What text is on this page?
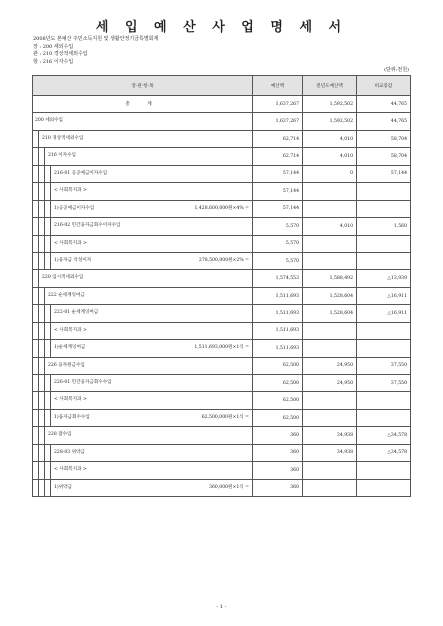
세 입 예 산 사 업 명 세 서
2008년도 본예산 주민소득지원 및 생활안정기금특별회계
장 : 200 세외수입
관 : 210 경상적세외수입
항 : 216 이자수입
(단위:천원)
장·관·항·목	예산액	전년도예산액	비교증감
총 계	1,637,267	1,592,502	44,765

200 세외수입	1,637,267	1,592,502	44,765

210 경상적세외수입	62,714	4,010	58,704

216 이자수입	62,714	4,010	58,704

216-01 공공예금이자수입	57,144	0	57,144

< 사회복지과 >	57,144		

1)공공예금이자수입 1,428,600,000원×4% =	57,144		

216-02 민간융자금회수이자수입	5,570	4,010	1,560

< 사회복지과 >	5,570		

1)융자금 악성이자 278,500,000원×2% =	5,570		

220 임시적세외수입	1,574,553	1,588,492	△13,939

222 순세계잉여금	1,511,693	1,528,604	△16,911

222-01 순세계잉여금	1,511,693	1,528,604	△16,911

< 사회복지과 >	1,511,693		

1)순세계잉여금 1,511,693,000원×1식 =	1,511,693		

226 융자원금수입	62,500	24,950	37,550

226-01 민간융자금회수수입	62,500	24,950	37,550

< 사회복지과 >	62,500		

1)융자금회수수입 62,500,000원×1식 =	62,500		

228 잡수입	360	34,938	△34,578

228-03 위약금	360	34,938	△34,578

< 사회복지과 >	360		

1)위약금 360,000원×1식 =	360		
- 1 -
